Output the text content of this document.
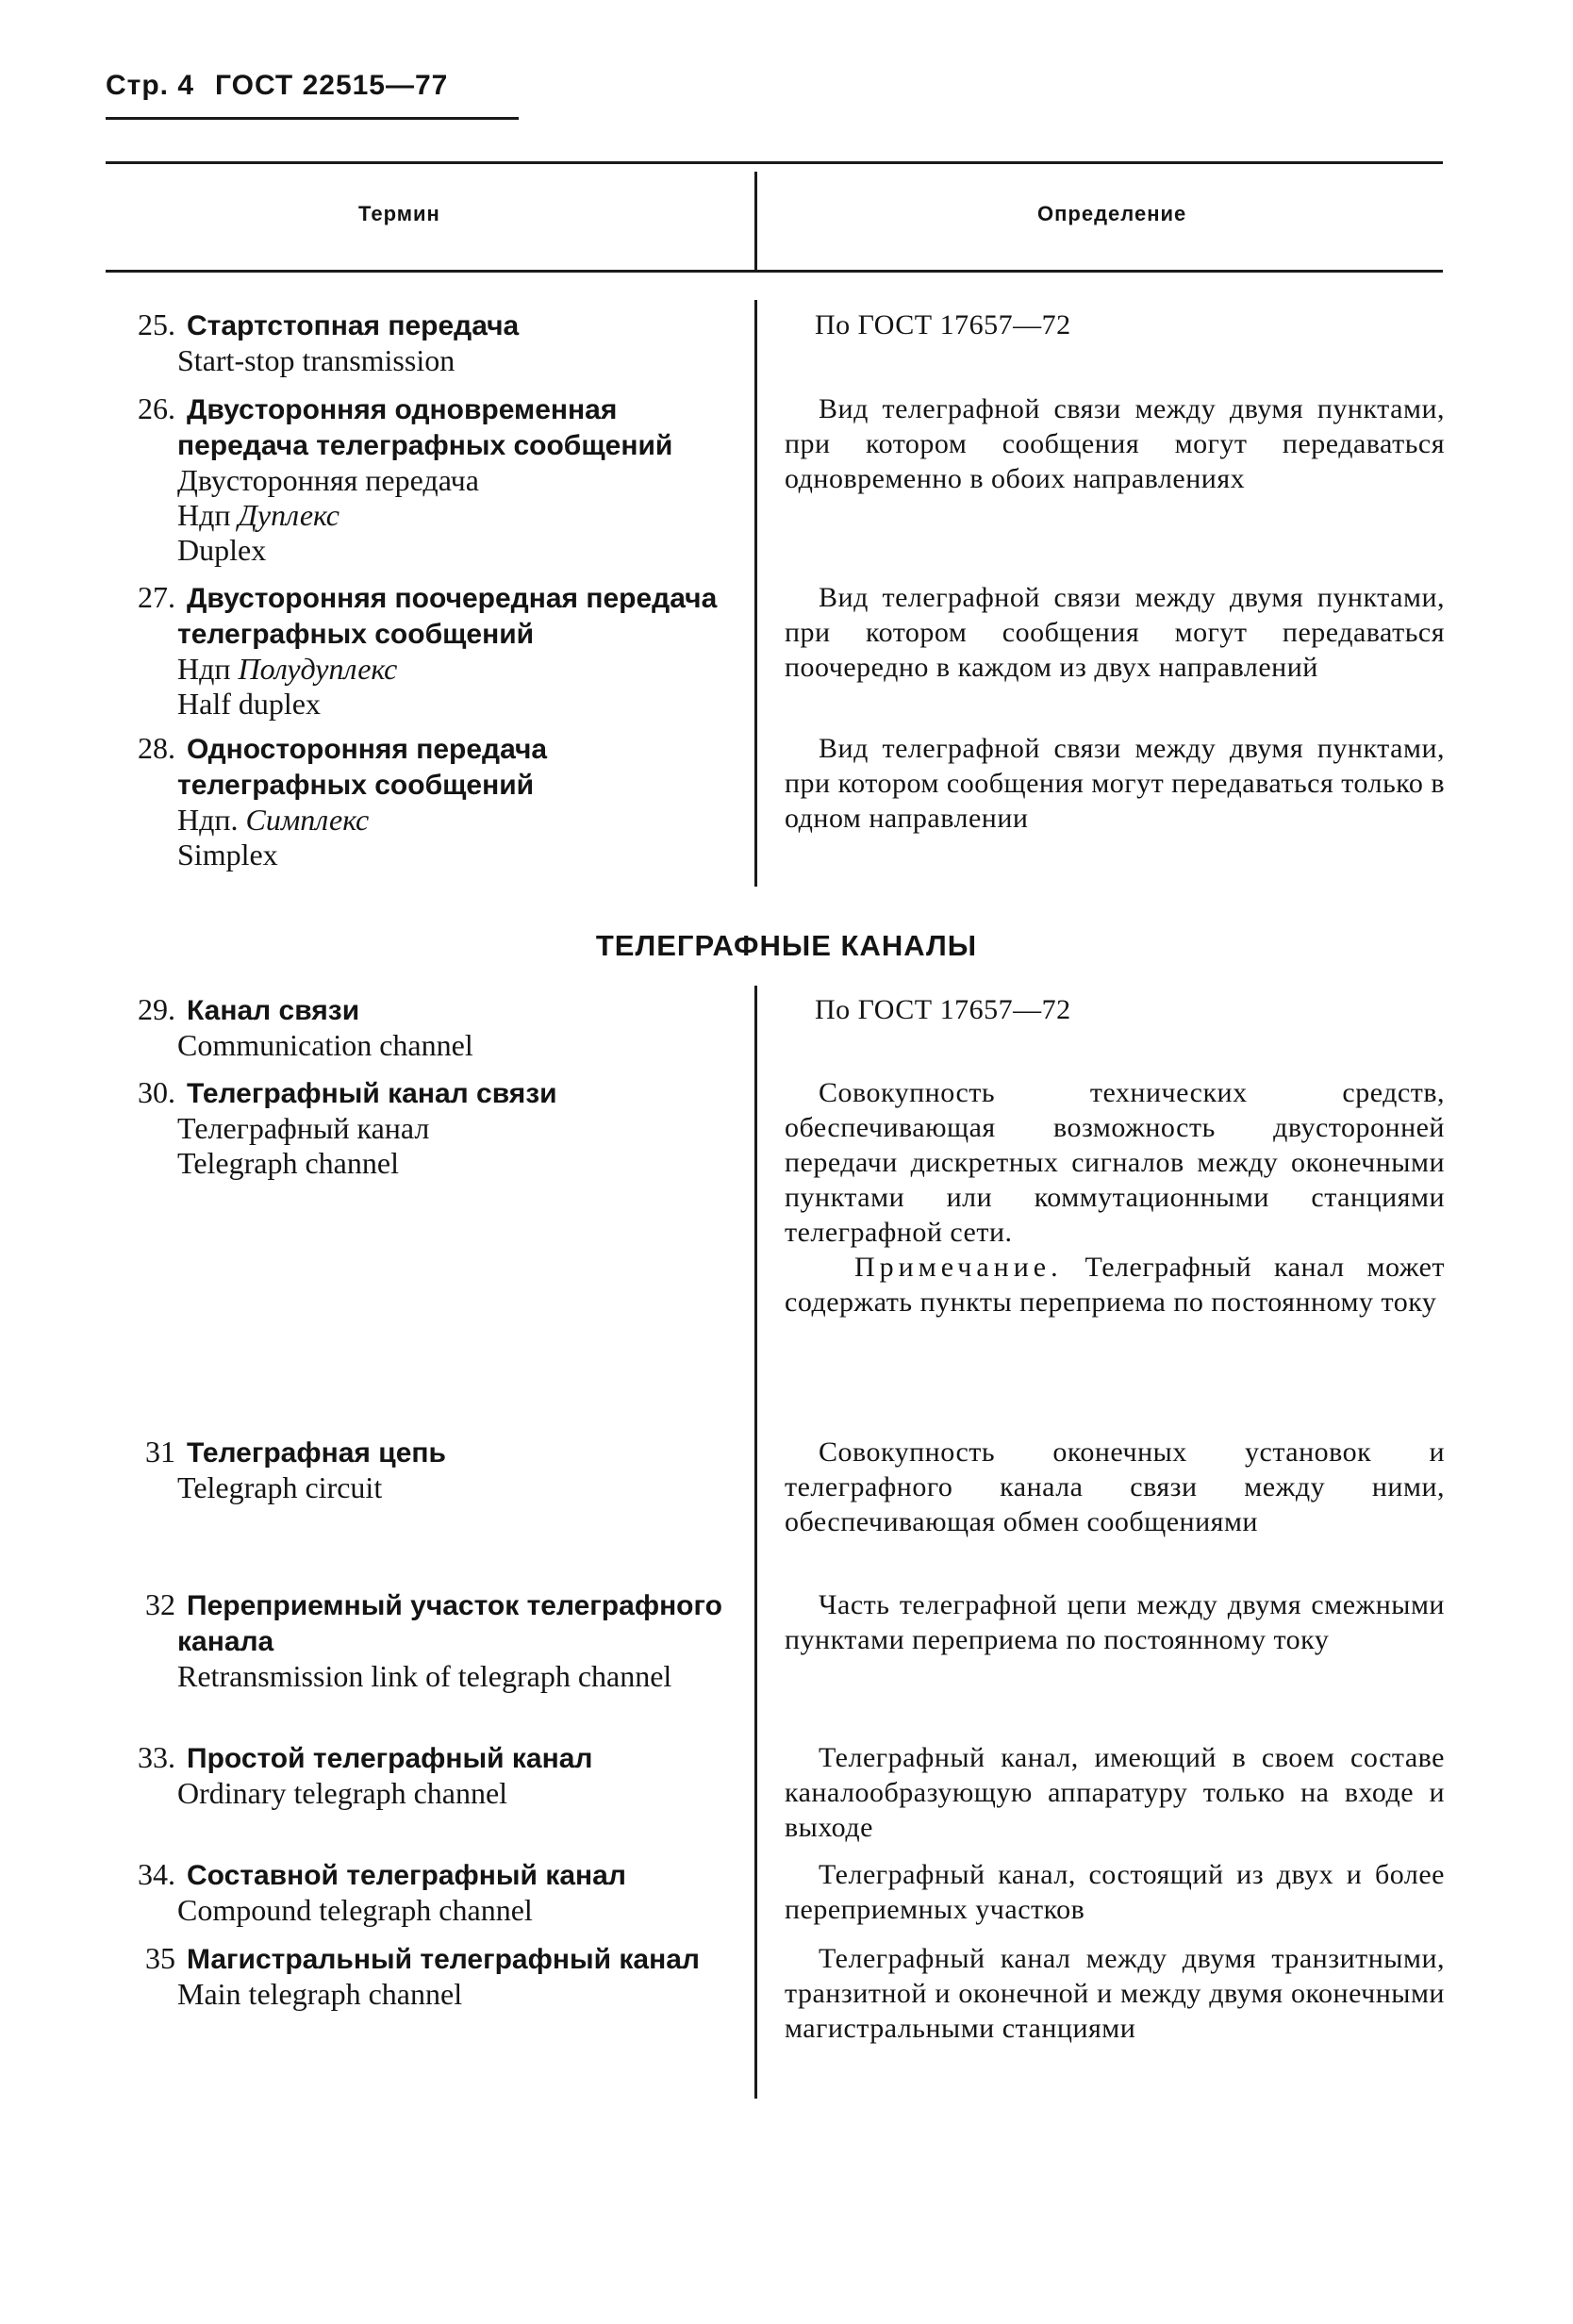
Стр. 4 ГОСТ 22515—77
Термин	Определение
25. Стартстопная передача
Start-stop transmission

По ГОСТ 17657—72

26. Двусторонняя одновременная передача телеграфных сообщений
Двусторонняя передача
Ндп Дуплекс
Duplex

Вид телеграфной связи между двумя пунктами, при котором сообщения могут передаваться одновременно в обоих направлениях

27. Двусторонняя поочередная передача телеграфных сообщений
Ндп Полудуплекс
Half duplex

Вид телеграфной связи между двумя пунктами, при котором сообщения могут передаваться поочередно в каждом из двух направлений

28. Односторонняя передача телеграфных сообщений
Ндп. Симплекс
Simplex

Вид телеграфной связи между двумя пунктами, при котором сообщения могут передаваться только в одном направлении

ТЕЛЕГРАФНЫЕ КАНАЛЫ
29. Канал связи
Communication channel

По ГОСТ 17657—72

30. Телеграфный канал связи
Телеграфный канал
Telegraph channel

Совокупность технических средств, обеспечивающая возможность двусторонней передачи дискретных сигналов между оконечными пунктами или коммутационными станциями телеграфной сети.

Примечание. Телеграфный канал может содержать пункты переприема по постоянному току

31 Телеграфная цепь
Telegraph circuit

Совокупность оконечных установок и телеграфного канала связи между ними, обеспечивающая обмен сообщениями

32 Переприемный участок телеграфного канала
Retransmission link of telegraph channel

Часть телеграфной цепи между двумя смежными пунктами переприема по постоянному току

33. Простой телеграфный канал
Ordinary telegraph channel

Телеграфный канал, имеющий в своем составе каналообразующую аппаратуру только на входе и выходе

34. Составной телеграфный канал
Compound telegraph channel

Телеграфный канал, состоящий из двух и более переприемных участков

35 Магистральный телеграфный канал
Main telegraph channel

Телеграфный канал между двумя транзитными, транзитной и оконечной и между двумя оконечными магистральными станциями
